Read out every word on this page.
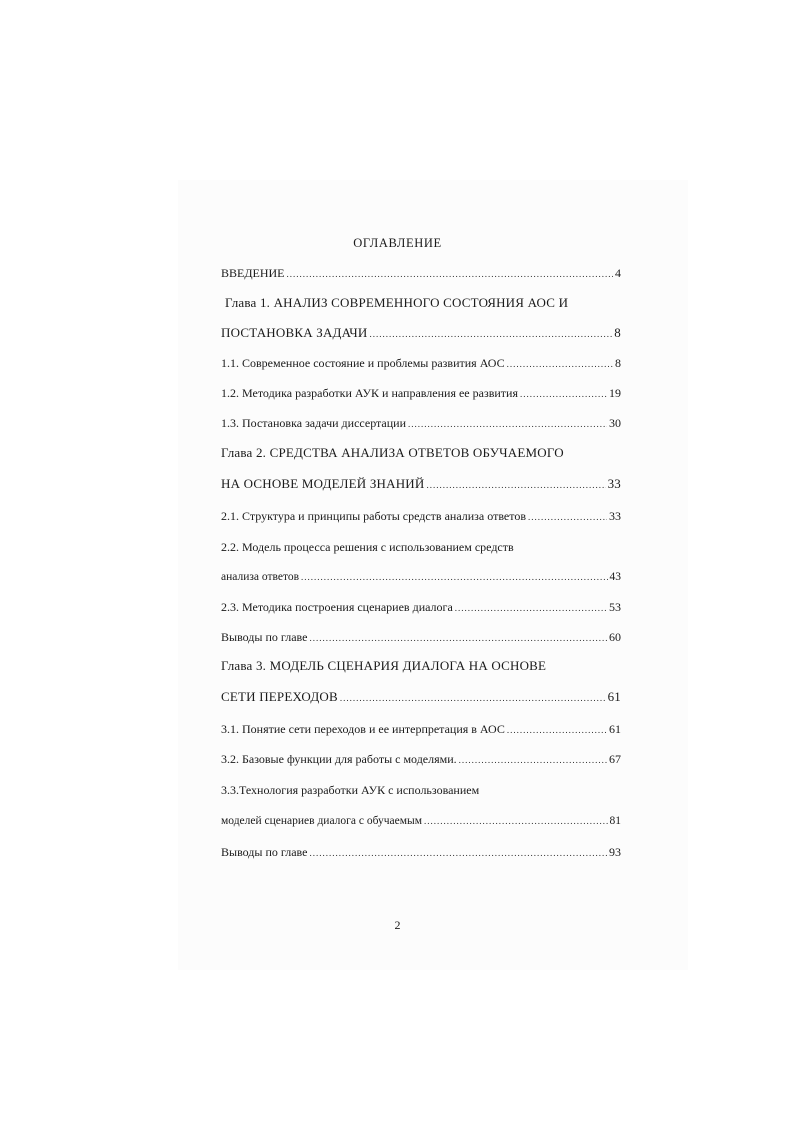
ОГЛАВЛЕНИЕ
ВВЕДЕНИЕ .....	4
Глава 1. АНАЛИЗ СОВРЕМЕННОГО СОСТОЯНИЯ АОС И
ПОСТАНОВКА ЗАДАЧИ .....	8
1.1. Современное состояние и проблемы развития АОС .....	8
1.2. Методика разработки АУК и направления ее развития .....	19
1.3. Постановка задачи диссертации .....	30
Глава 2. СРЕДСТВА АНАЛИЗА ОТВЕТОВ ОБУЧАЕМОГО
НА ОСНОВЕ МОДЕЛЕЙ ЗНАНИЙ .....	33
2.1. Структура и принципы работы средств анализа ответов .....	33
2.2. Модель процесса решения с использованием средств
анализа ответов .....	43
2.3. Методика построения сценариев диалога .....	53
Выводы по главе .....	60
Глава 3. МОДЕЛЬ СЦЕНАРИЯ ДИАЛОГА НА ОСНОВЕ
СЕТИ ПЕРЕХОДОВ .....	61
3.1. Понятие сети переходов и ее интерпретация в АОС .....	61
3.2. Базовые функции для работы с моделями. .....	67
3.3.Технология разработки АУК с использованием
моделей сценариев диалога с обучаемым .....	81
Выводы по главе .....	93
2
